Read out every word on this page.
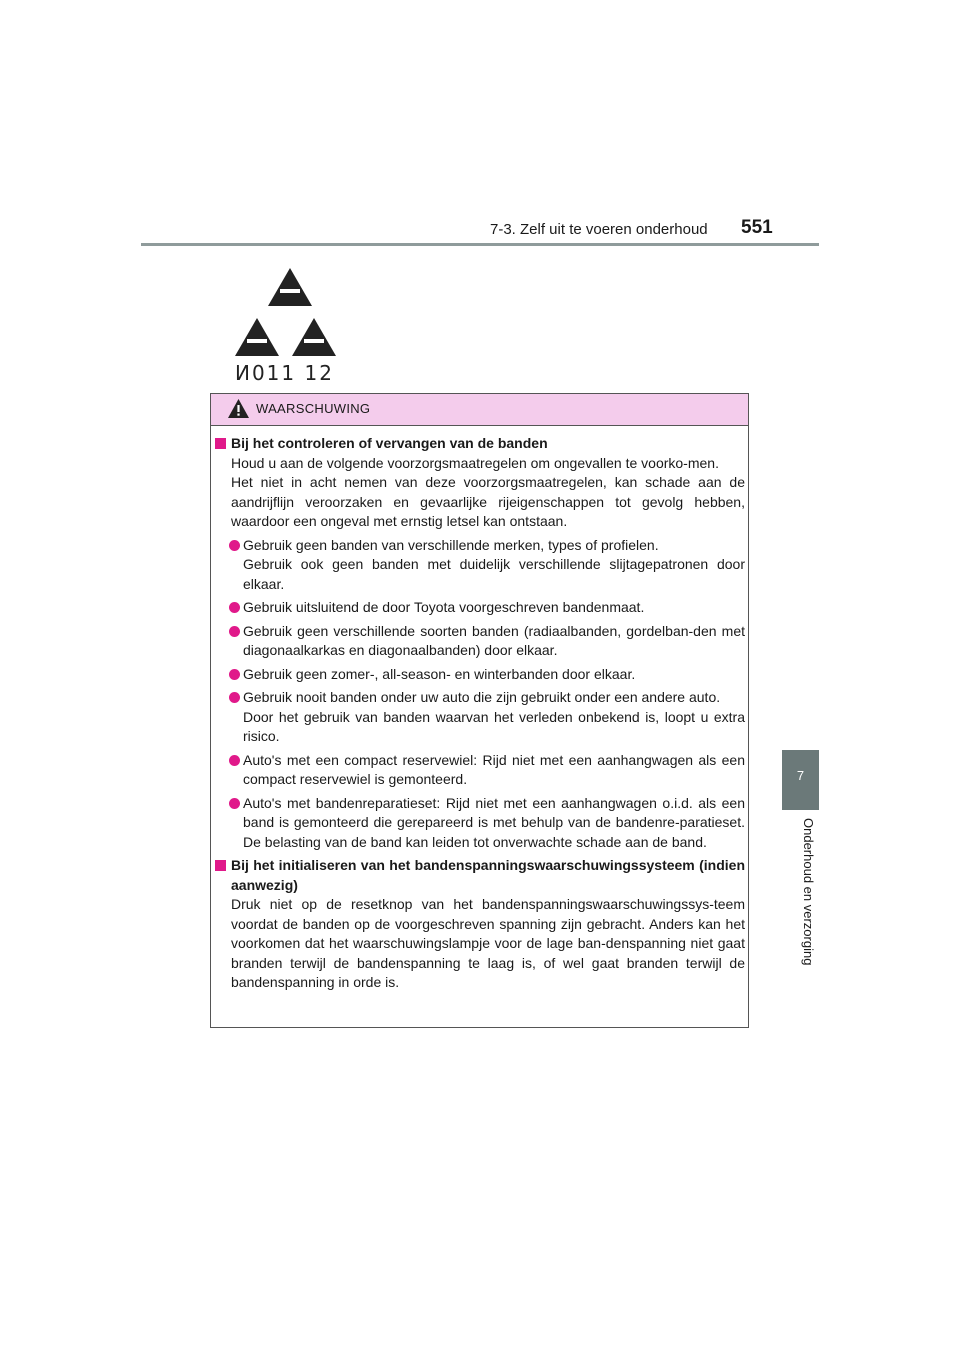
7-3. Zelf uit te voeren onderhoud 551
7
Onderhoud en verzorging
И011 12
WAARSCHUWING
Bij het controleren of vervangen van de banden
Houd u aan de volgende voorzorgsmaatregelen om ongevallen te voorko-men.
Het niet in acht nemen van deze voorzorgsmaatregelen, kan schade aan de aandrijflijn veroorzaken en gevaarlijke rijeigenschappen tot gevolg hebben, waardoor een ongeval met ernstig letsel kan ontstaan.
Gebruik geen banden van verschillende merken, types of profielen.
Gebruik ook geen banden met duidelijk verschillende slijtagepatronen door elkaar.
Gebruik uitsluitend de door Toyota voorgeschreven bandenmaat.
Gebruik geen verschillende soorten banden (radiaalbanden, gordelban-den met diagonaalkarkas en diagonaalbanden) door elkaar.
Gebruik geen zomer-, all-season- en winterbanden door elkaar.
Gebruik nooit banden onder uw auto die zijn gebruikt onder een andere auto.
Door het gebruik van banden waarvan het verleden onbekend is, loopt u extra risico.
Auto's met een compact reservewiel: Rijd niet met een aanhangwagen als een compact reservewiel is gemonteerd.
Auto's met bandenreparatieset: Rijd niet met een aanhangwagen o.i.d. als een band is gemonteerd die gerepareerd is met behulp van de bandenre-paratieset. De belasting van de band kan leiden tot onverwachte schade aan de band.
Bij het initialiseren van het bandenspanningswaarschuwingssysteem (indien aanwezig)
Druk niet op de resetknop van het bandenspanningswaarschuwingssys-teem voordat de banden op de voorgeschreven spanning zijn gebracht. Anders kan het voorkomen dat het waarschuwingslampje voor de lage ban-denspanning niet gaat branden terwijl de bandenspanning te laag is, of wel gaat branden terwijl de bandenspanning in orde is.
